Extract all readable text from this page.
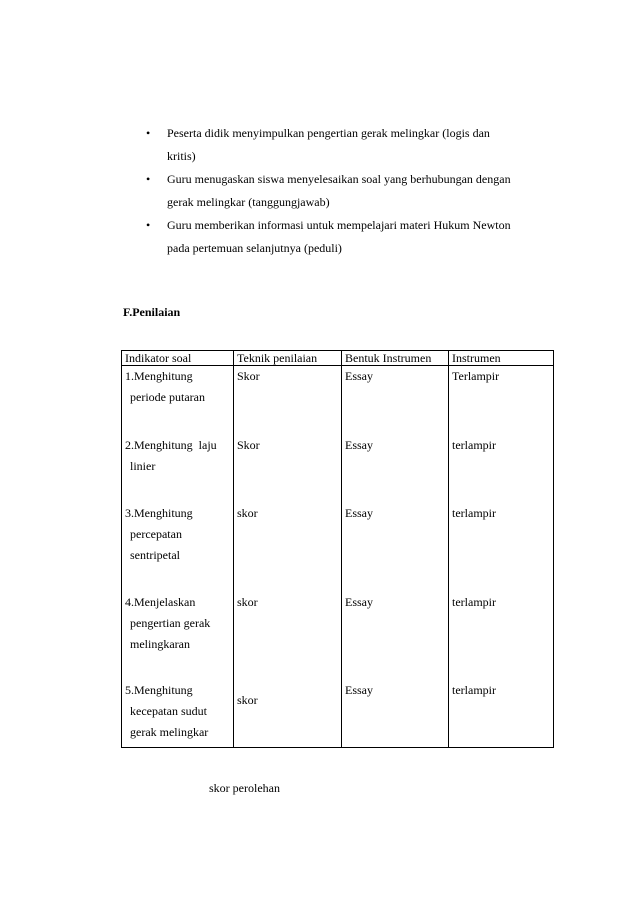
• Peserta didik menyimpulkan pengertian gerak melingkar (logis dan
kritis)
• Guru menugaskan siswa menyelesaikan soal yang berhubungan dengan
gerak melingkar (tanggungjawab)
• Guru memberikan informasi untuk mempelajari materi Hukum Newton
pada pertemuan selanjutnya (peduli)
F.Penilaian
Indikator soal	Teknik penilaian	Bentuk Instrumen	Instrumen

1.Menghitung
periode putaran	Skor	Essay	Terlampir

2.Menghitung  laju
linier	Skor	Essay	terlampir

3.Menghitung
percepatan
sentripetal	skor	Essay	terlampir

4.Menjelaskan
pengertian gerak
melingkaran	skor	Essay	terlampir

5.Menghitung
kecepatan sudut
gerak melingkar	skor	Essay	terlampir
skor perolehan
